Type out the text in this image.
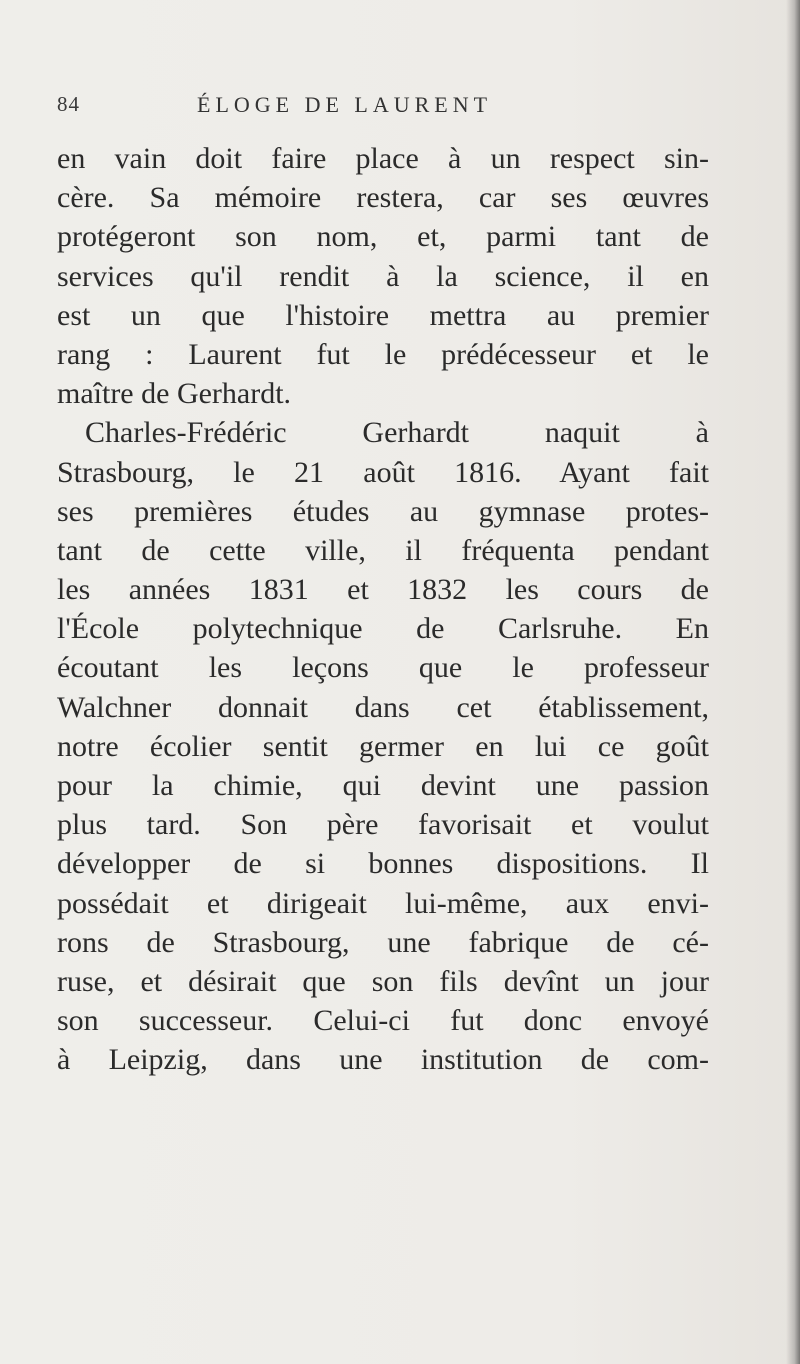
84	ÉLOGE DE LAURENT
en vain doit faire place à un respect sin-
cère. Sa mémoire restera, car ses œuvres
protégeront son nom, et, parmi tant de
services qu'il rendit à la science, il en
est un que l'histoire mettra au premier
rang : Laurent fut le prédécesseur et le
maître de Gerhardt.
Charles-Frédéric Gerhardt naquit à
Strasbourg, le 21 août 1816. Ayant fait
ses premières études au gymnase protes-
tant de cette ville, il fréquenta pendant
les années 1831 et 1832 les cours de
l'École polytechnique de Carlsruhe. En
écoutant les leçons que le professeur
Walchner donnait dans cet établissement,
notre écolier sentit germer en lui ce goût
pour la chimie, qui devint une passion
plus tard. Son père favorisait et voulut
développer de si bonnes dispositions. Il
possédait et dirigeait lui-même, aux envi-
rons de Strasbourg, une fabrique de cé-
ruse, et désirait que son fils devînt un jour
son successeur. Celui-ci fut donc envoyé
à Leipzig, dans une institution de com-
